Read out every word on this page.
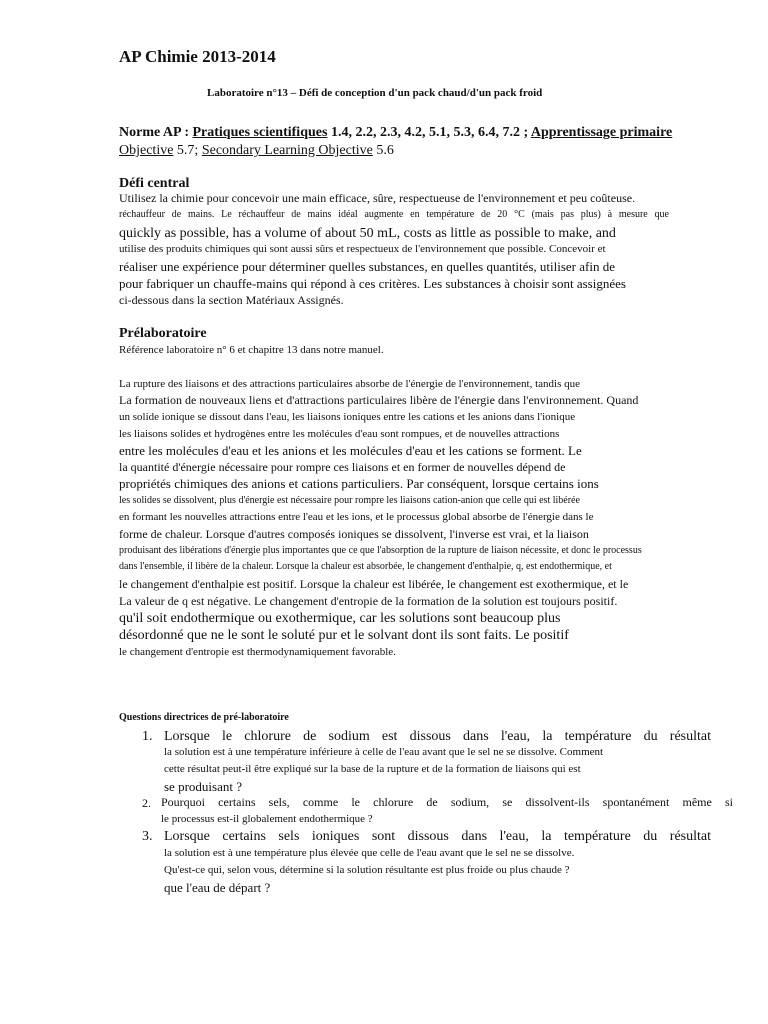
AP Chimie 2013-2014
Laboratoire n°13 – Défi de conception d'un pack chaud/d'un pack froid
Norme AP : Pratiques scientifiques 1.4, 2.2, 2.3, 4.2, 5.1, 5.3, 6.4, 7.2 ; Apprentissage primaire
Objective 5.7; Secondary Learning Objective 5.6
Défi central
Utilisez la chimie pour concevoir une main efficace, sûre, respectueuse de l'environnement et peu coûteuse.
réchauffeur de mains. Le réchauffeur de mains idéal augmente en température de 20 °C (mais pas plus) à mesure que
quickly as possible, has a volume of about 50 mL, costs as little as possible to make, and
utilise des produits chimiques qui sont aussi sûrs et respectueux de l'environnement que possible. Concevoir et
réaliser une expérience pour déterminer quelles substances, en quelles quantités, utiliser afin de
pour fabriquer un chauffe-mains qui répond à ces critères. Les substances à choisir sont assignées
ci-dessous dans la section Matériaux Assignés.
Prélaboratoire
Référence laboratoire n° 6 et chapitre 13 dans notre manuel.
La rupture des liaisons et des attractions particulaires absorbe de l'énergie de l'environnement, tandis que
La formation de nouveaux liens et d'attractions particulaires libère de l'énergie dans l'environnement. Quand
un solide ionique se dissout dans l'eau, les liaisons ioniques entre les cations et les anions dans l'ionique
les liaisons solides et hydrogènes entre les molécules d'eau sont rompues, et de nouvelles attractions
entre les molécules d'eau et les anions et les molécules d'eau et les cations se forment. Le
la quantité d'énergie nécessaire pour rompre ces liaisons et en former de nouvelles dépend de
propriétés chimiques des anions et cations particuliers. Par conséquent, lorsque certains ions
les solides se dissolvent, plus d'énergie est nécessaire pour rompre les liaisons cation-anion que celle qui est libérée
en formant les nouvelles attractions entre l'eau et les ions, et le processus global absorbe de l'énergie dans le
forme de chaleur. Lorsque d'autres composés ioniques se dissolvent, l'inverse est vrai, et la liaison
produisant des libérations d'énergie plus importantes que ce que l'absorption de la rupture de liaison nécessite, et donc le processus
dans l'ensemble, il libère de la chaleur. Lorsque la chaleur est absorbée, le changement d'enthalpie, q, est endothermique, et
le changement d'enthalpie est positif. Lorsque la chaleur est libérée, le changement est exothermique, et le
La valeur de q est négative. Le changement d'entropie de la formation de la solution est toujours positif.
qu'il soit endothermique ou exothermique, car les solutions sont beaucoup plus
désordonné que ne le sont le soluté pur et le solvant dont ils sont faits. Le positif
le changement d'entropie est thermodynamiquement favorable.
Questions directrices de pré-laboratoire
1. Lorsque le chlorure de sodium est dissous dans l'eau, la température du résultat
la solution est à une température inférieure à celle de l'eau avant que le sel ne se dissolve. Comment
cette résultat peut-il être expliqué sur la base de la rupture et de la formation de liaisons qui est
se produisant ?
2. Pourquoi certains sels, comme le chlorure de sodium, se dissolvent-ils spontanément même si
le processus est-il globalement endothermique ?
3. Lorsque certains sels ioniques sont dissous dans l'eau, la température du résultat
la solution est à une température plus élevée que celle de l'eau avant que le sel ne se dissolve.
Qu'est-ce qui, selon vous, détermine si la solution résultante est plus froide ou plus chaude ?
que l'eau de départ ?
